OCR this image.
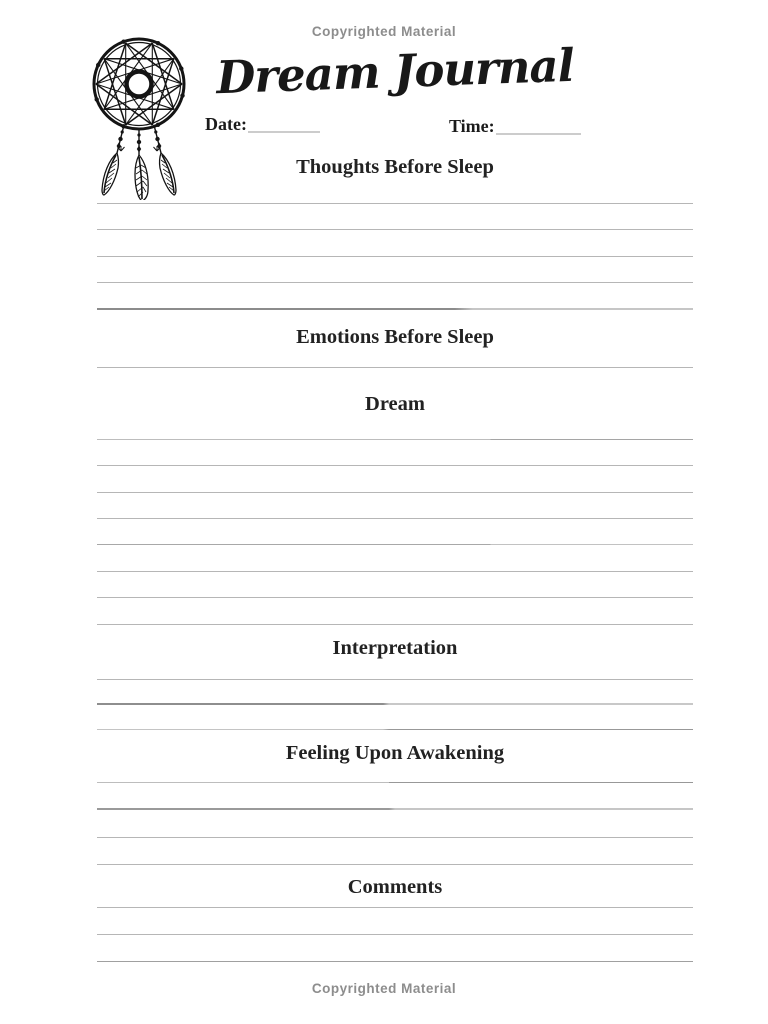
Copyrighted Material
Dream Journal
Date:	Time:
Thoughts Before Sleep
Emotions Before Sleep
Dream
Interpretation
Feeling Upon Awakening
Comments
Copyrighted Material
